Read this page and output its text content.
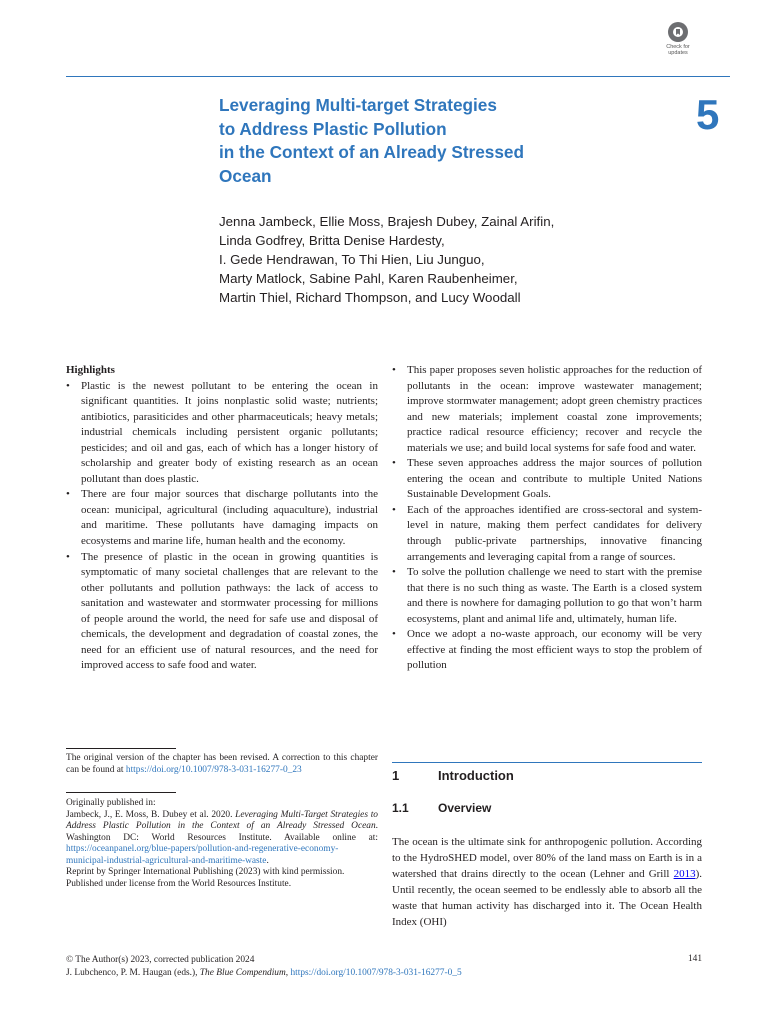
Check for
updates
5
Leveraging Multi-target Strategies
to Address Plastic Pollution
in the Context of an Already Stressed
Ocean
Jenna Jambeck, Ellie Moss, Brajesh Dubey, Zainal Arifin,
Linda Godfrey, Britta Denise Hardesty,
I. Gede Hendrawan, To Thi Hien, Liu Junguo,
Marty Matlock, Sabine Pahl, Karen Raubenheimer,
Martin Thiel, Richard Thompson, and Lucy Woodall
Highlights
• Plastic is the newest pollutant to be entering the ocean in significant quantities. It joins nonplastic solid waste; nutrients; antibiotics, parasiticides and other pharmaceuticals; heavy metals; industrial chemicals including persistent organic pollutants; pesticides; and oil and gas, each of which has a longer history of scholarship and greater body of existing research as an ocean pollutant than does plastic.
• There are four major sources that discharge pollutants into the ocean: municipal, agricultural (including aquaculture), industrial and maritime. These pollutants have damaging impacts on ecosystems and marine life, human health and the economy.
• The presence of plastic in the ocean in growing quantities is symptomatic of many societal challenges that are relevant to the other pollutants and pollution pathways: the lack of access to sanitation and wastewater and stormwater processing for millions of people around the world, the need for safe use and disposal of chemicals, the development and degradation of coastal zones, the need for an efficient use of natural resources, and the need for improved access to safe food and water.
• This paper proposes seven holistic approaches for the reduction of pollutants in the ocean: improve wastewater management; improve stormwater management; adopt green chemistry practices and new materials; implement coastal zone improvements; practice radical resource efficiency; recover and recycle the materials we use; and build local systems for safe food and water.
• These seven approaches address the major sources of pollution entering the ocean and contribute to multiple United Nations Sustainable Development Goals.
• Each of the approaches identified are cross-sectoral and system-level in nature, making them perfect candidates for delivery through public-private partnerships, innovative financing arrangements and leveraging capital from a range of sources.
• To solve the pollution challenge we need to start with the premise that there is no such thing as waste. The Earth is a closed system and there is nowhere for damaging pollution to go that won’t harm ecosystems, plant and animal life and, ultimately, human life.
• Once we adopt a no-waste approach, our economy will be very effective at finding the most efficient ways to stop the problem of pollution
The original version of the chapter has been revised. A correction to this chapter can be found at https://doi.org/10.1007/978-3-031-16277-0_23
Originally published in:
Jambeck, J., E. Moss, B. Dubey et al. 2020. Leveraging Multi-Target Strategies to Address Plastic Pollution in the Context of an Already Stressed Ocean. Washington DC: World Resources Institute. Available online at: https://oceanpanel.org/blue-papers/pollution-and-regenerative-economy-municipal-industrial-agricultural-and-maritime-waste.
Reprint by Springer International Publishing (2023) with kind permission.
Published under license from the World Resources Institute.
1	Introduction
1.1 Overview
The ocean is the ultimate sink for anthropogenic pollution. According to the HydroSHED model, over 80% of the land mass on Earth is in a watershed that drains directly to the ocean (Lehner and Grill 2013). Until recently, the ocean seemed to be endlessly able to absorb all the waste that human activity has discharged into it. The Ocean Health Index (OHI)
© The Author(s) 2023, corrected publication 2024
J. Lubchenco, P. M. Haugan (eds.), The Blue Compendium, https://doi.org/10.1007/978-3-031-16277-0_5
141
